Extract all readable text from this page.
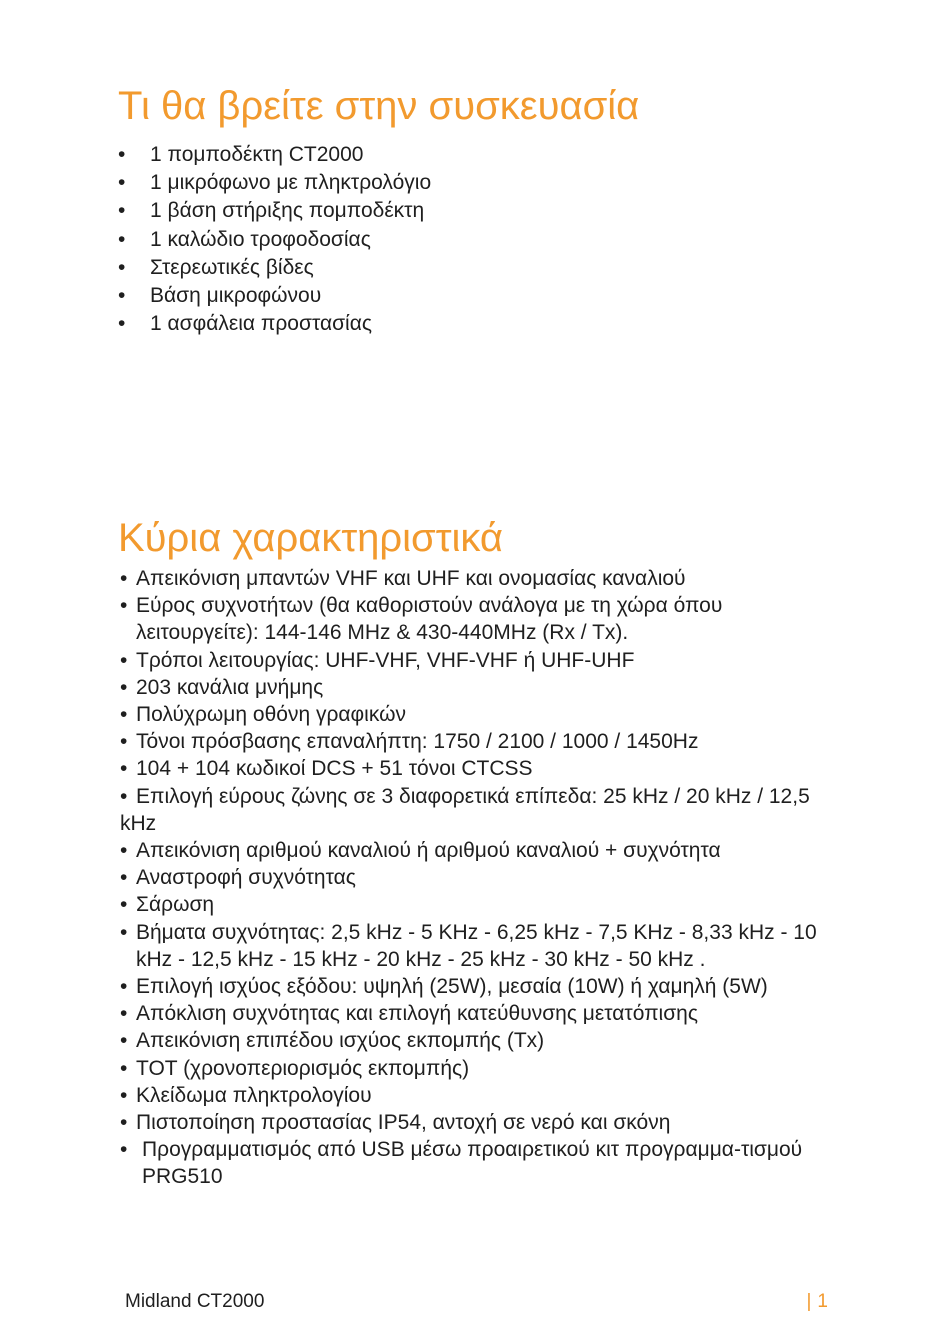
Τι θα βρείτε στην συσκευασία
• 1 πομποδέκτη CT2000
• 1 μικρόφωνο με πληκτρολόγιο
• 1 βάση στήριξης πομποδέκτη
• 1 καλώδιο τροφοδοσίας
• Στερεωτικές βίδες
• Βάση μικροφώνου
• 1 ασφάλεια προστασίας
Κύρια χαρακτηριστικά
• Απεικόνιση μπαντών VHF και UHF και ονομασίας καναλιού
• Εύρος συχνοτήτων (θα καθοριστούν ανάλογα με τη χώρα όπου λειτουργείτε): 144-146 MHz & 430-440MHz (Rx / Tx).
• Τρόποι λειτουργίας: UHF-VHF, VHF-VHF ή UHF-UHF
• 203 κανάλια μνήμης
• Πολύχρωμη οθόνη γραφικών
• Τόνοι πρόσβασης επαναλήπτη: 1750 / 2100 / 1000 / 1450Hz
• 104 + 104 κωδικοί DCS + 51 τόνοι CTCSS
• Επιλογή εύρους ζώνης σε 3 διαφορετικά επίπεδα: 25 kHz / 20 kHz / 12,5 kHz
• Απεικόνιση αριθμού καναλιού ή αριθμού καναλιού + συχνότητα
• Αναστροφή συχνότητας
• Σάρωση
• Βήματα συχνότητας: 2,5 kHz - 5 KHz - 6,25 kHz - 7,5 KHz - 8,33 kHz - 10 kHz - 12,5 kHz - 15 kHz - 20 kHz - 25 kHz - 30 kHz - 50 kHz .
• Επιλογή ισχύος εξόδου: υψηλή (25W), μεσαία (10W) ή χαμηλή (5W)
• Απόκλιση συχνότητας και επιλογή κατεύθυνσης μετατόπισης
• Απεικόνιση επιπέδου ισχύος εκπομπής (Tx)
• TOT (χρονοπεριορισμός εκπομπής)
• Κλείδωμα πληκτρολογίου
• Πιστοποίηση προστασίας IP54, αντοχή σε νερό και σκόνη
• Προγραμματισμός από USB μέσω προαιρετικού κιτ προγραμμα-τισμού PRG510
Midland CT2000	| 1
